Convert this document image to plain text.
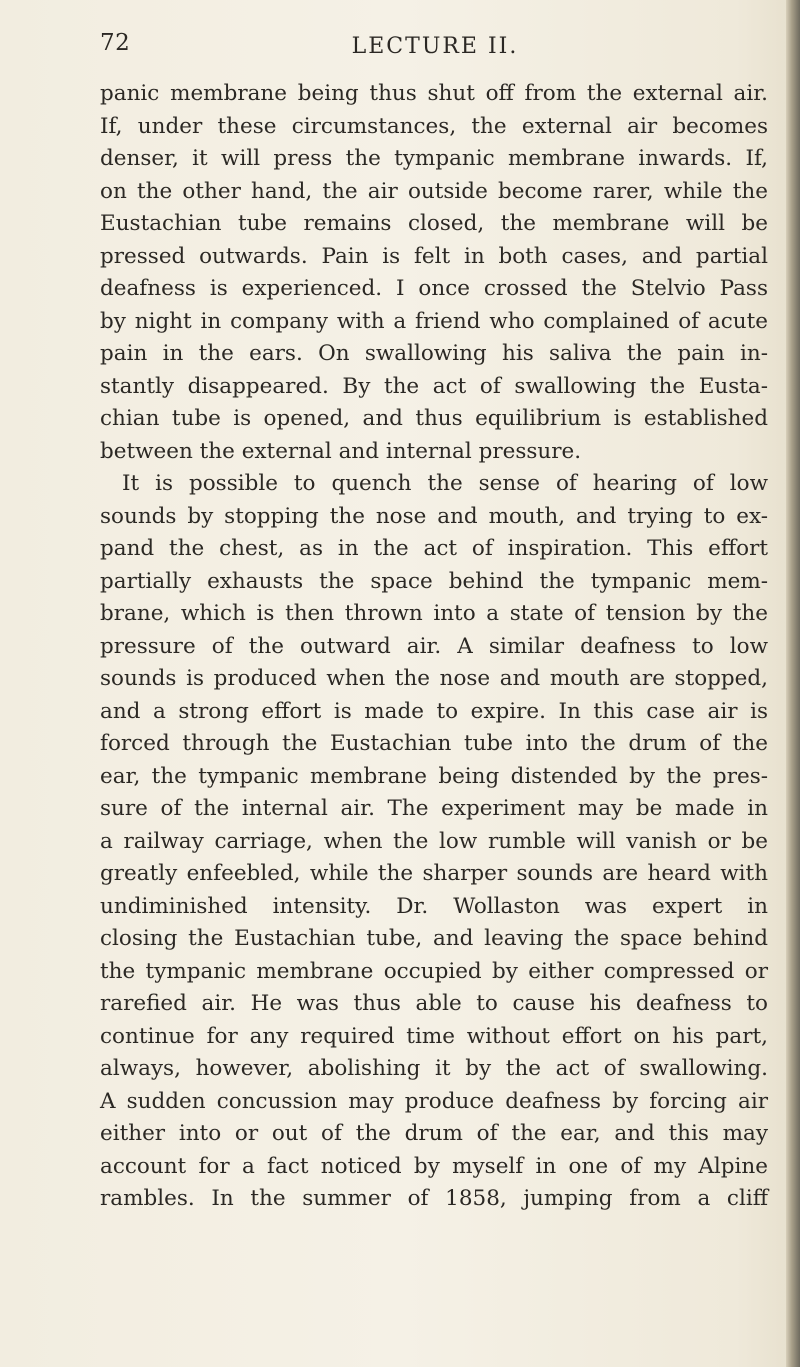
72	LECTURE II.
panic membrane being thus shut off from the external air.
If, under these circumstances, the external air becomes
denser, it will press the tympanic membrane inwards. If,
on the other hand, the air outside become rarer, while the
Eustachian tube remains closed, the membrane will be
pressed outwards. Pain is felt in both cases, and partial
deafness is experienced. I once crossed the Stelvio Pass
by night in company with a friend who complained of acute
pain in the ears. On swallowing his saliva the pain in-
stantly disappeared. By the act of swallowing the Eusta-
chian tube is opened, and thus equilibrium is established
between the external and internal pressure.
It is possible to quench the sense of hearing of low
sounds by stopping the nose and mouth, and trying to ex-
pand the chest, as in the act of inspiration. This effort
partially exhausts the space behind the tympanic mem-
brane, which is then thrown into a state of tension by the
pressure of the outward air. A similar deafness to low
sounds is produced when the nose and mouth are stopped,
and a strong effort is made to expire. In this case air is
forced through the Eustachian tube into the drum of the
ear, the tympanic membrane being distended by the pres-
sure of the internal air. The experiment may be made in
a railway carriage, when the low rumble will vanish or be
greatly enfeebled, while the sharper sounds are heard with
undiminished intensity. Dr. Wollaston was expert in
closing the Eustachian tube, and leaving the space behind
the tympanic membrane occupied by either compressed or
rarefied air. He was thus able to cause his deafness to
continue for any required time without effort on his part,
always, however, abolishing it by the act of swallowing.
A sudden concussion may produce deafness by forcing air
either into or out of the drum of the ear, and this may
account for a fact noticed by myself in one of my Alpine
rambles. In the summer of 1858, jumping from a cliff
